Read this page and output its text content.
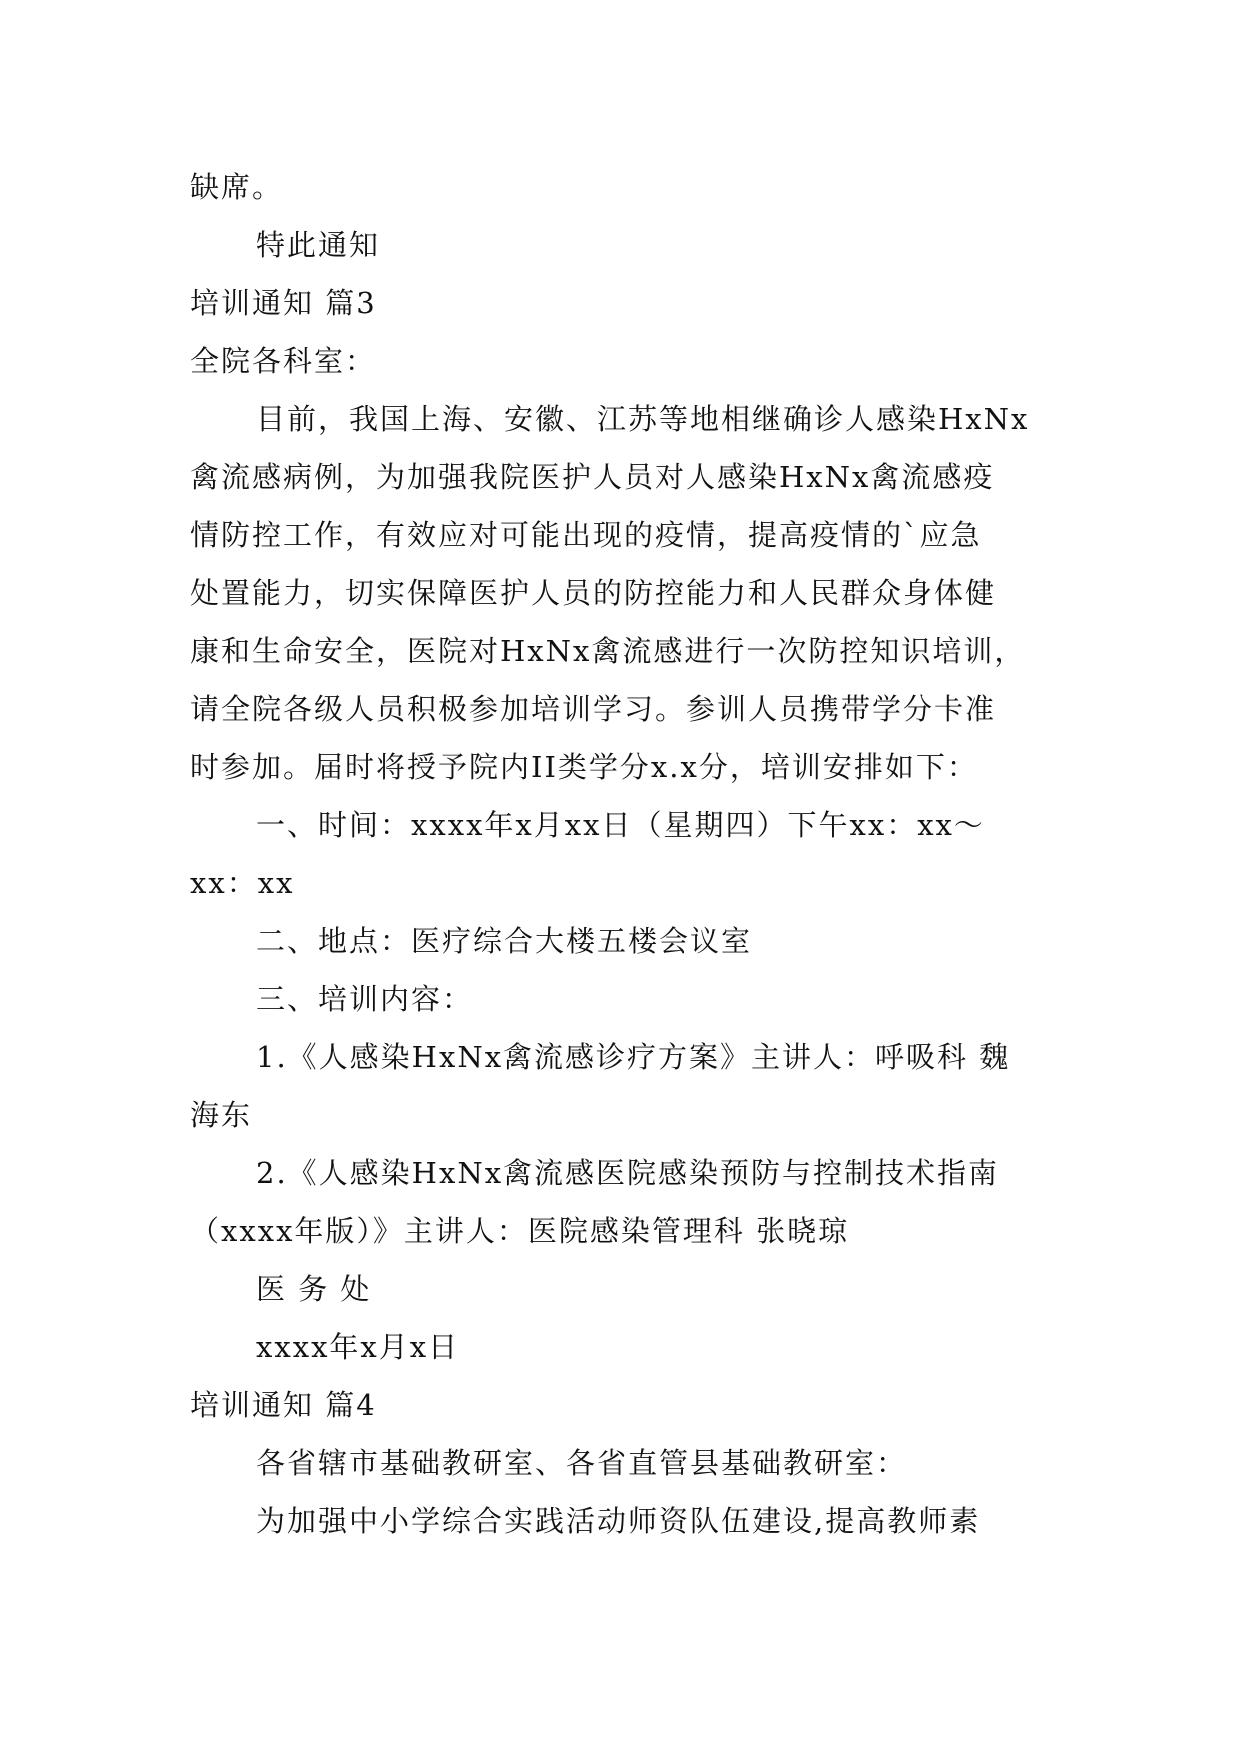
缺席。
特此通知
培训通知 篇3
全院各科室：
目前，我国上海、安徽、江苏等地相继确诊人感染HxNx
禽流感病例，为加强我院医护人员对人感染HxNx禽流感疫
情防控工作，有效应对可能出现的疫情，提高疫情的`应急
处置能力，切实保障医护人员的防控能力和人民群众身体健
康和生命安全，医院对HxNx禽流感进行一次防控知识培训，
请全院各级人员积极参加培训学习。参训人员携带学分卡准
时参加。届时将授予院内II类学分x.x分，培训安排如下：
一、时间：xxxx年x月xx日（星期四）下午xx：xx～
xx：xx
二、地点：医疗综合大楼五楼会议室
三、培训内容：
1.《人感染HxNx禽流感诊疗方案》主讲人：呼吸科 魏
海东
2.《人感染HxNx禽流感医院感染预防与控制技术指南
（xxxx年版）》主讲人：医院感染管理科 张晓琼
医 务 处
xxxx年x月x日
培训通知 篇4
各省辖市基础教研室、各省直管县基础教研室：
为加强中小学综合实践活动师资队伍建设,提高教师素
